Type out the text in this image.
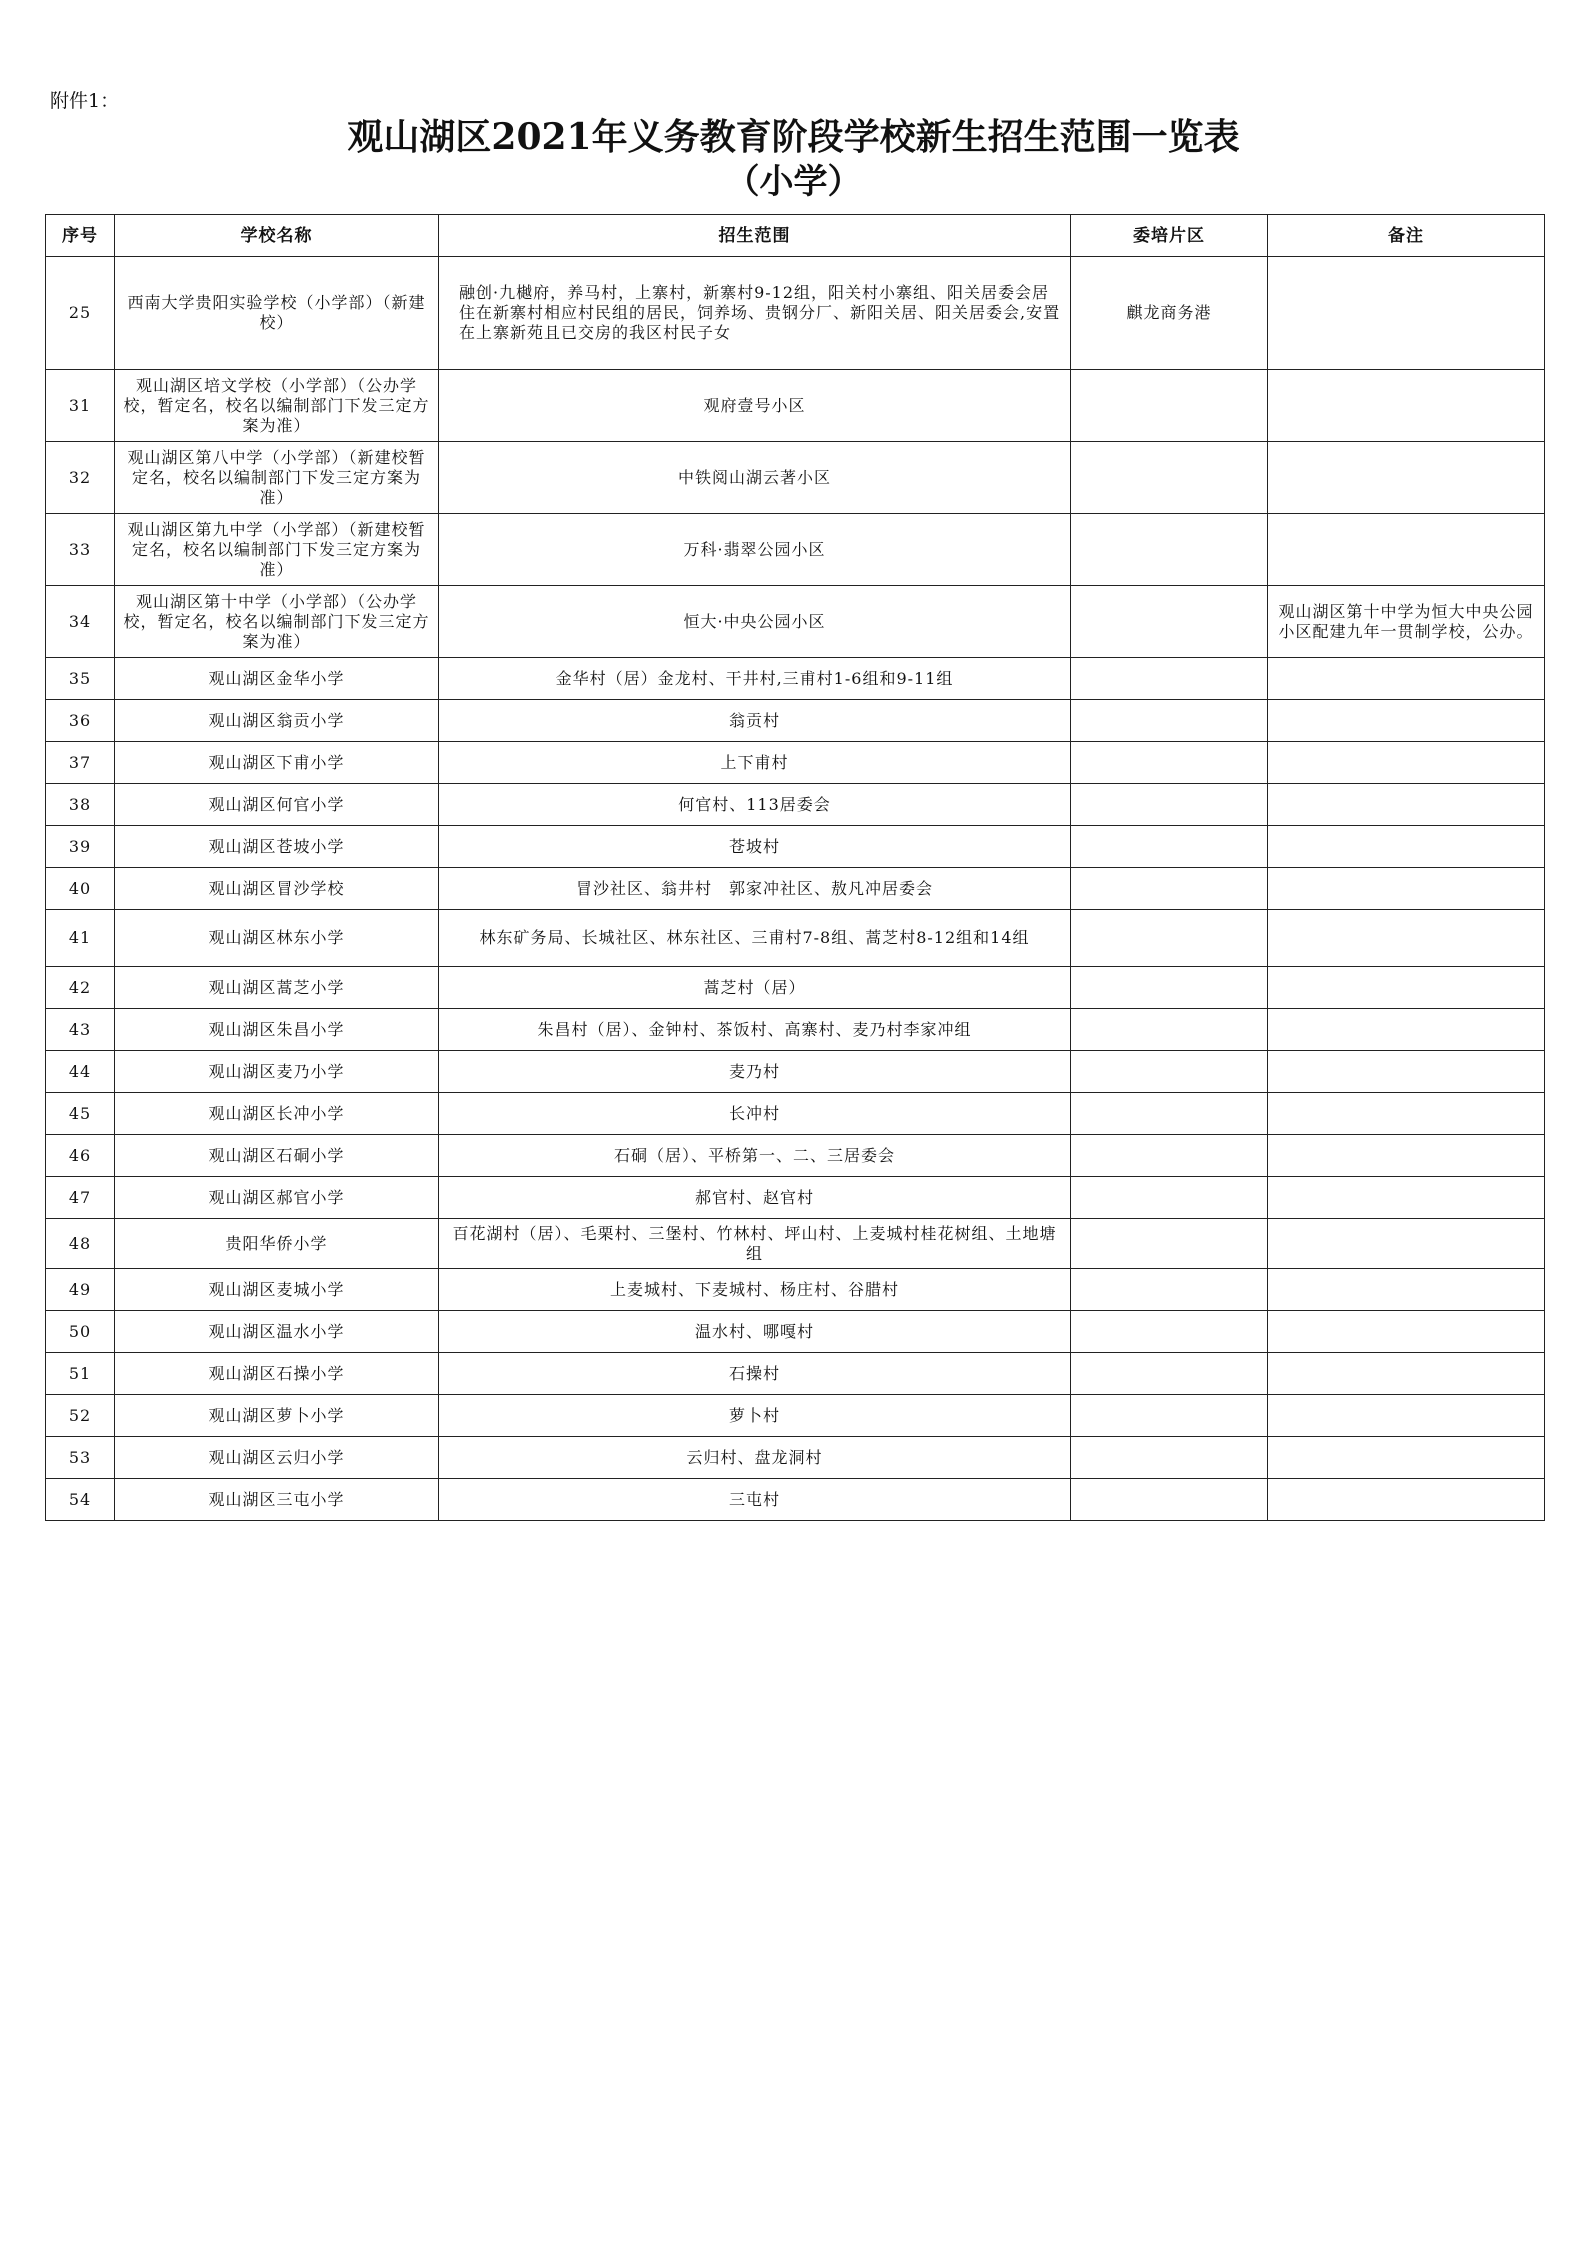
附件1：
观山湖区2021年义务教育阶段学校新生招生范围一览表
（小学）
序号	学校名称	招生范围	委培片区	备注
25	西南大学贵阳实验学校（小学部）（新建校）	融创·九樾府，养马村，上寨村，新寨村9-12组，阳关村小寨组、阳关居委会居住在新寨村相应村民组的居民，饲养场、贵钢分厂、新阳关居、阳关居委会,安置在上寨新苑且已交房的我区村民子女	麒龙商务港	
31	观山湖区培文学校（小学部）（公办学校，暂定名，校名以编制部门下发三定方案为准）	观府壹号小区		
32	观山湖区第八中学（小学部）（新建校暂定名，校名以编制部门下发三定方案为准）	中铁阅山湖云著小区		
33	观山湖区第九中学（小学部）（新建校暂定名，校名以编制部门下发三定方案为准）	万科·翡翠公园小区		
34	观山湖区第十中学（小学部）（公办学校，暂定名，校名以编制部门下发三定方案为准）	恒大·中央公园小区		观山湖区第十中学为恒大中央公园小区配建九年一贯制学校，公办。
35	观山湖区金华小学	金华村（居）金龙村、干井村,三甫村1-6组和9-11组		
36	观山湖区翁贡小学	翁贡村		
37	观山湖区下甫小学	上下甫村		
38	观山湖区何官小学	何官村、113居委会		
39	观山湖区苍坡小学	苍坡村		
40	观山湖区冒沙学校	冒沙社区、翁井村　郭家冲社区、敖凡冲居委会		
41	观山湖区林东小学	林东矿务局、长城社区、林东社区、三甫村7-8组、蒿芝村8-12组和14组		
42	观山湖区蒿芝小学	蒿芝村（居）		
43	观山湖区朱昌小学	朱昌村（居）、金钟村、茶饭村、高寨村、麦乃村李家冲组		
44	观山湖区麦乃小学	麦乃村		
45	观山湖区长冲小学	长冲村		
46	观山湖区石硐小学	石硐（居）、平桥第一、二、三居委会		
47	观山湖区郝官小学	郝官村、赵官村		
48	贵阳华侨小学	百花湖村（居）、毛栗村、三堡村、竹林村、坪山村、上麦城村桂花树组、土地塘组		
49	观山湖区麦城小学	上麦城村、下麦城村、杨庄村、谷腊村		
50	观山湖区温水小学	温水村、哪嘎村		
51	观山湖区石操小学	石操村		
52	观山湖区萝卜小学	萝卜村		
53	观山湖区云归小学	云归村、盘龙洞村		
54	观山湖区三屯小学	三屯村		
